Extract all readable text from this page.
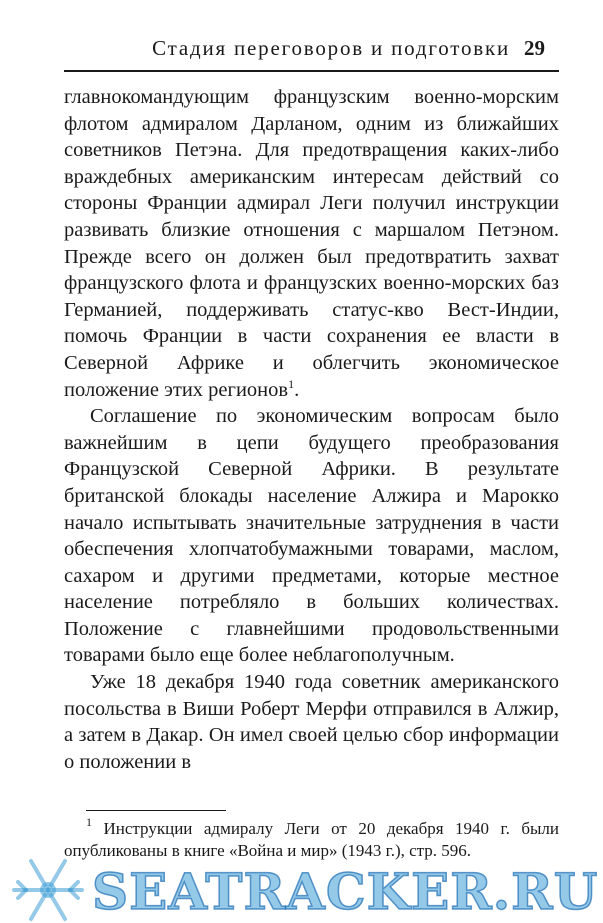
Стадия переговоров и подготовки 29

главнокомандующим французским военно-морским флотом адмиралом Дарланом, одним из ближайших советников Петэна. Для предотвращения каких-либо враждебных американским интересам действий со стороны Франции адмирал Леги получил инструкции развивать близкие отношения с маршалом Петэном. Прежде всего он должен был предотвратить захват французского флота и французских военно-морских баз Германией, поддерживать статус-кво Вест-Индии, помочь Франции в части сохранения ее власти в Северной Африке и облегчить экономическое положение этих регионов$^1$.

Соглашение по экономическим вопросам было важнейшим в цепи будущего преобразования Французской Северной Африки. В результате британской блокады население Алжира и Марокко начало испытывать значительные затруднения в части обеспечения хлопчатобумажными товарами, маслом, сахаром и другими предметами, которые местное население потребляло в больших количествах. Положение с главнейшими продовольственными товарами было еще более неблагополучным.

Уже 18 декабря 1940 года советник американского посольства в Виши Роберт Мерфи отправился в Алжир, а затем в Дакар. Он имел своей целью сбор информации о положении в

$^1$ Инструкции адмиралу Леги от 20 декабря 1940 г. были опубликованы в книге «Война и мир» (1943 г.), стр. 596.

SEATRACKER.RU
